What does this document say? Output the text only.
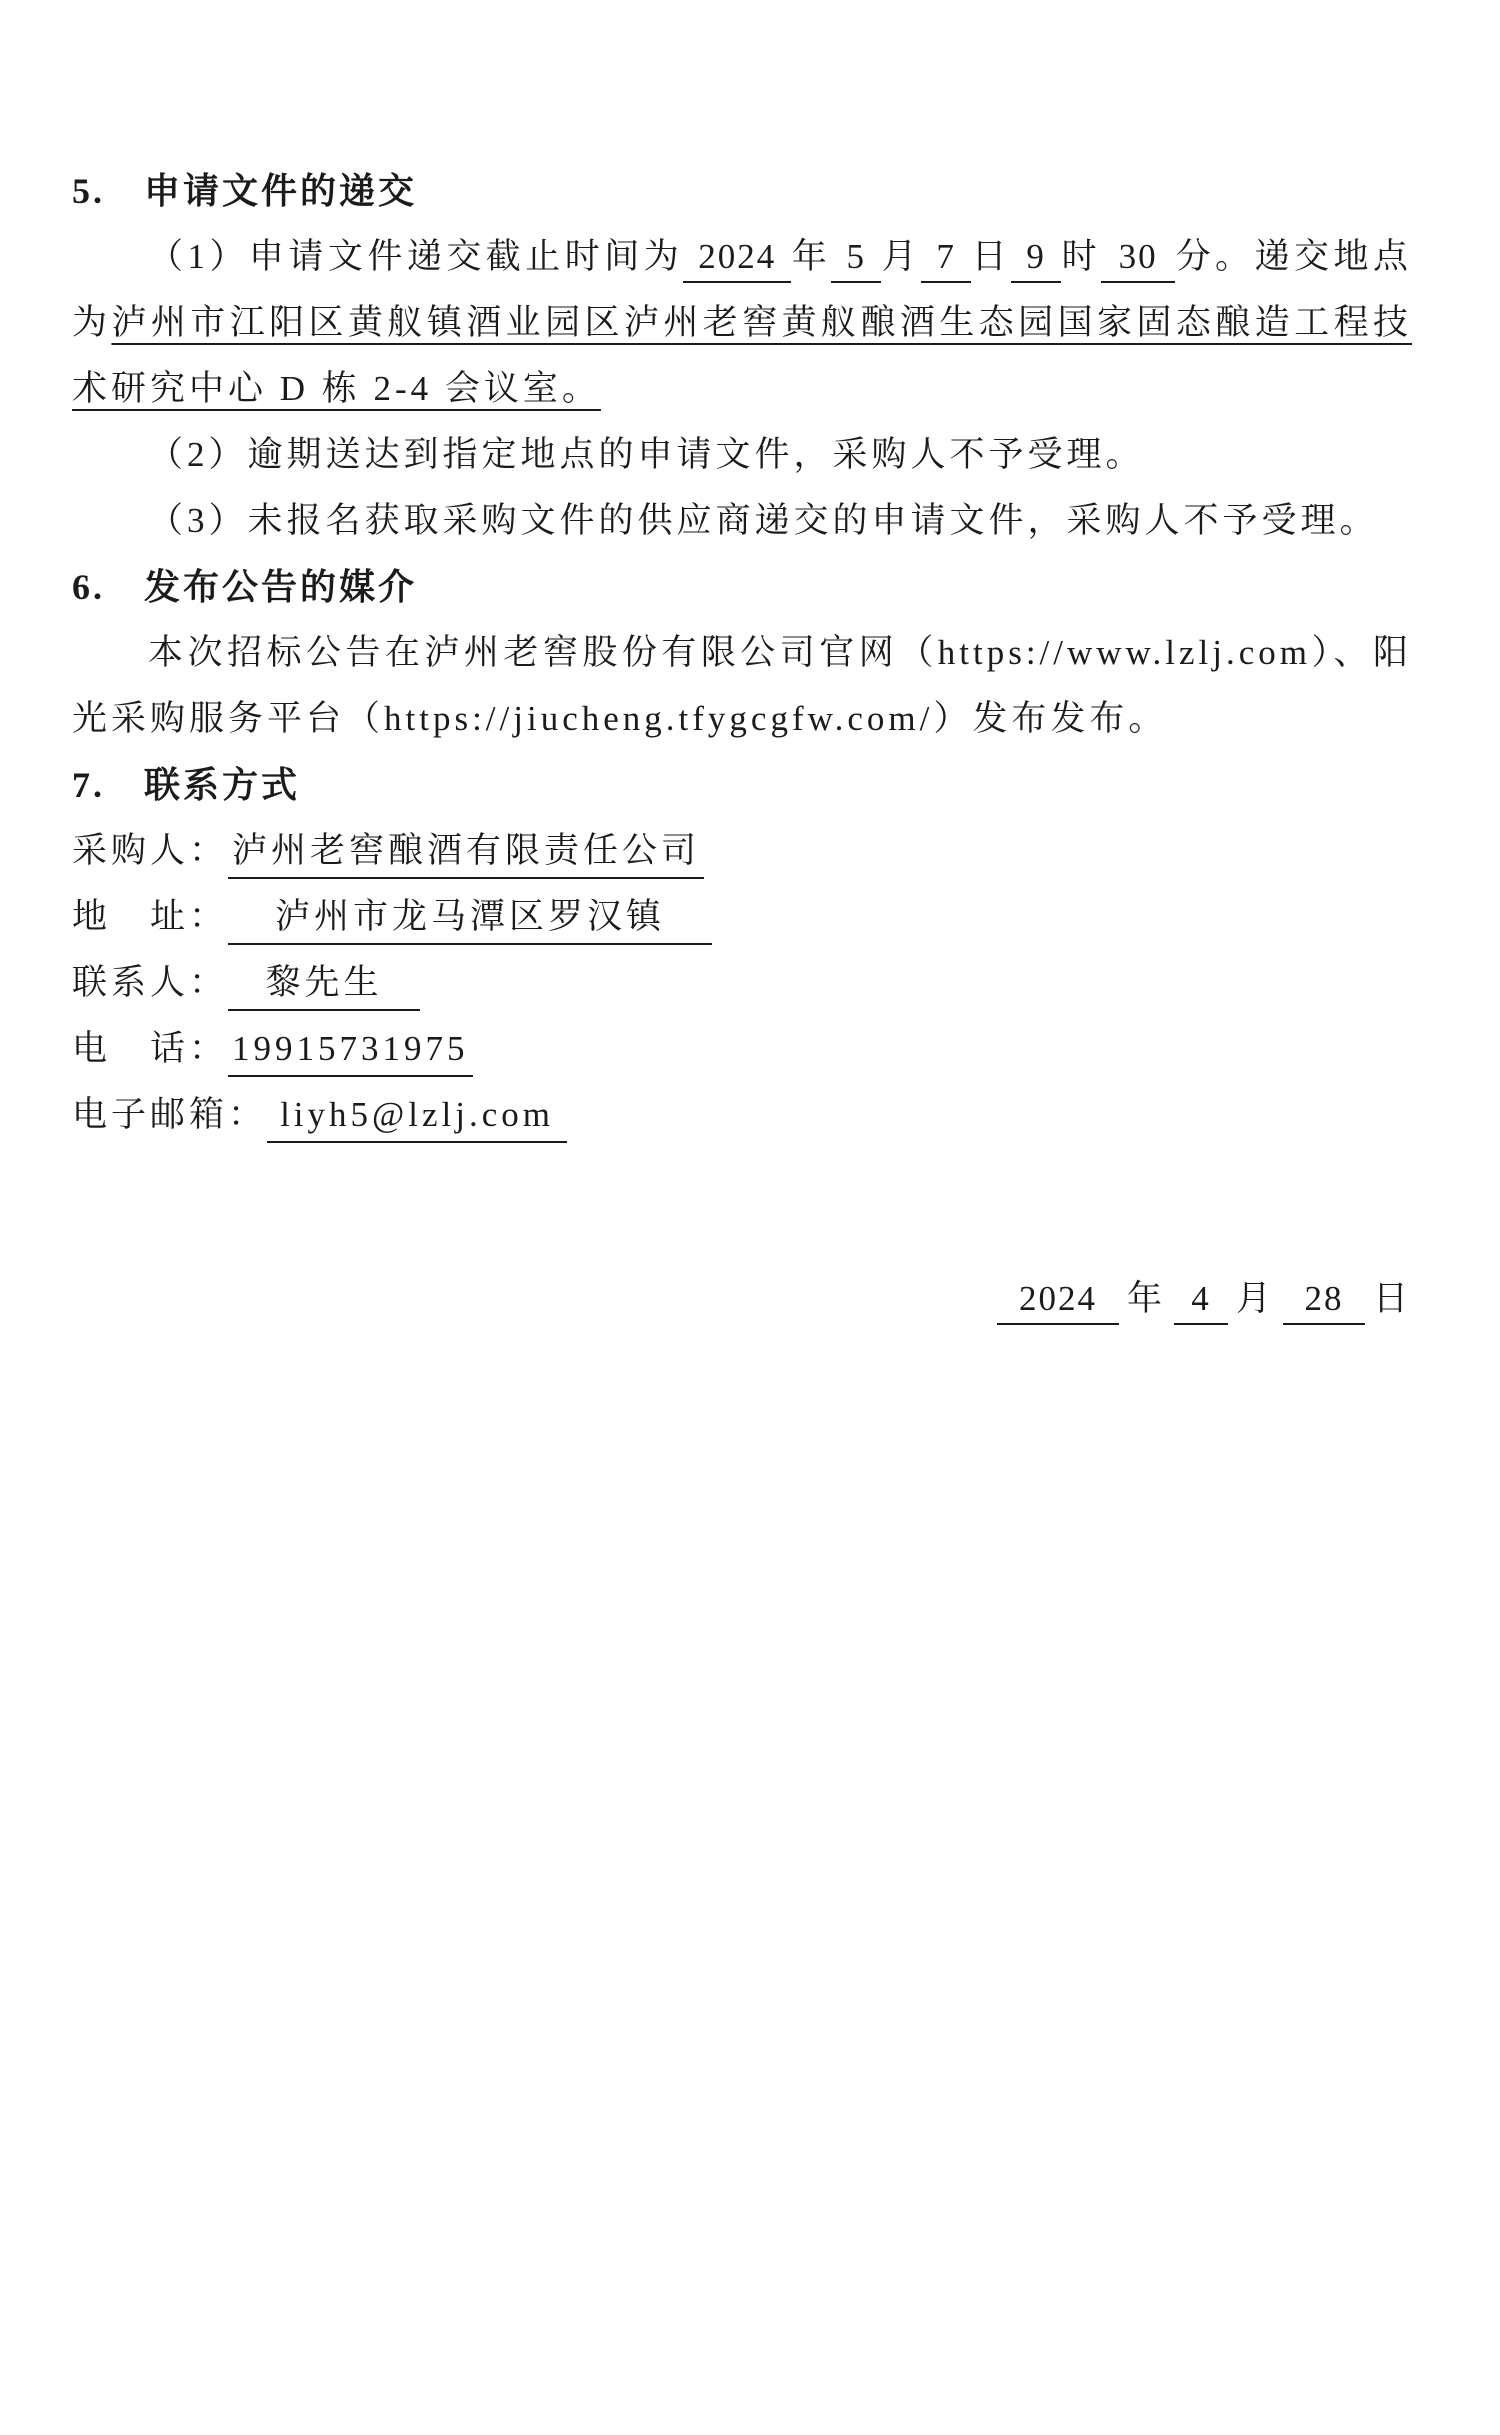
5.　申请文件的递交

（1）申请文件递交截止时间为 2024 年 5 月 7 日 9 时 30 分。递交地点为泸州市江阳区黄舣镇酒业园区泸州老窖黄舣酿酒生态园国家固态酿造工程技术研究中心 D 栋 2-4 会议室。

（2）逾期送达到指定地点的申请文件，采购人不予受理。

（3）未报名获取采购文件的供应商递交的申请文件，采购人不予受理。

6.　发布公告的媒介

本次招标公告在泸州老窖股份有限公司官网（https://www.lzlj.com）、阳光采购服务平台（https://jiucheng.tfygcgfw.com/）发布发布。

7.　联系方式
采购人： 泸州老窖酿酒有限责任公司
地　址： 泸州市龙马潭区罗汉镇
联系人： 黎先生
电　话： 19915731975
电子邮箱： liyh5@lzlj.com
2024 年 4 月 28 日
